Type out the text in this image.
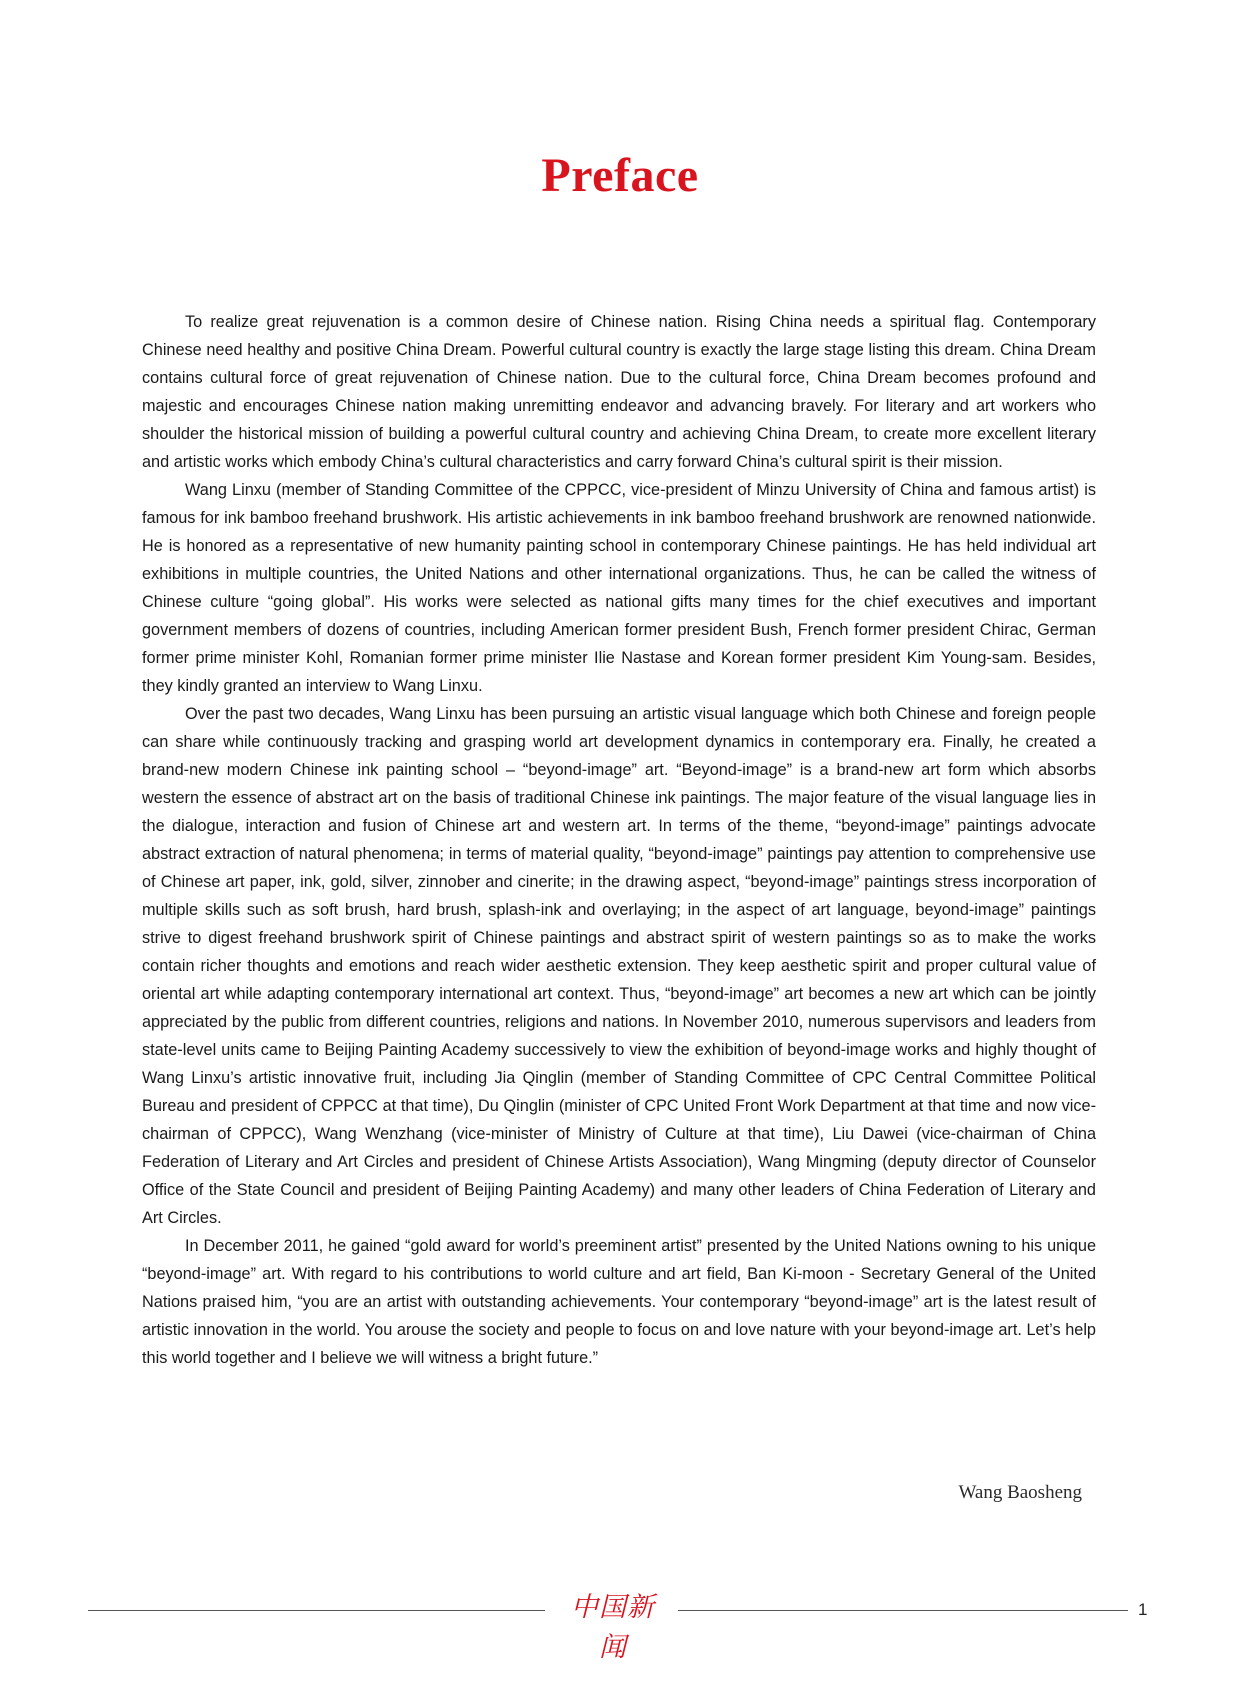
Preface

To realize great rejuvenation is a common desire of Chinese nation. Rising China needs a spiritual flag. Contemporary Chinese need healthy and positive China Dream. Powerful cultural country is exactly the large stage listing this dream. China Dream contains cultural force of great rejuvenation of Chinese nation. Due to the cultural force, China Dream becomes profound and majestic and encourages Chinese nation making unremitting endeavor and advancing bravely. For literary and art workers who shoulder the historical mission of building a powerful cultural country and achieving China Dream, to create more excellent literary and artistic works which embody China’s cultural characteristics and carry forward China’s cultural spirit is their mission.

Wang Linxu (member of Standing Committee of the CPPCC, vice-president of Minzu University of China and famous artist) is famous for ink bamboo freehand brushwork. His artistic achievements in ink bamboo freehand brushwork are renowned nationwide. He is honored as a representative of new humanity painting school in contemporary Chinese paintings. He has held individual art exhibitions in multiple countries, the United Nations and other international organizations. Thus, he can be called the witness of Chinese culture “going global”. His works were selected as national gifts many times for the chief executives and important government members of dozens of countries, including American former president Bush, French former president Chirac, German former prime minister Kohl, Romanian former prime minister Ilie Nastase and Korean former president Kim Young-sam. Besides, they kindly granted an interview to Wang Linxu.

Over the past two decades, Wang Linxu has been pursuing an artistic visual language which both Chinese and foreign people can share while continuously tracking and grasping world art development dynamics in contemporary era. Finally, he created a brand-new modern Chinese ink painting school – “beyond-image” art. “Beyond-image” is a brand-new art form which absorbs western the essence of abstract art on the basis of traditional Chinese ink paintings. The major feature of the visual language lies in the dialogue, interaction and fusion of Chinese art and western art. In terms of the theme, “beyond-image” paintings advocate abstract extraction of natural phenomena; in terms of material quality, “beyond-image” paintings pay attention to comprehensive use of Chinese art paper, ink, gold, silver, zinnober and cinerite; in the drawing aspect, “beyond-image” paintings stress incorporation of multiple skills such as soft brush, hard brush, splash-ink and overlaying; in the aspect of art language, beyond-image” paintings strive to digest freehand brushwork spirit of Chinese paintings and abstract spirit of western paintings so as to make the works contain richer thoughts and emotions and reach wider aesthetic extension. They keep aesthetic spirit and proper cultural value of oriental art while adapting contemporary international art context. Thus, “beyond-image” art becomes a new art which can be jointly appreciated by the public from different countries, religions and nations. In November 2010, numerous supervisors and leaders from state-level units came to Beijing Painting Academy successively to view the exhibition of beyond-image works and highly thought of Wang Linxu’s artistic innovative fruit, including Jia Qinglin (member of Standing Committee of CPC Central Committee Political Bureau and president of CPPCC at that time), Du Qinglin (minister of CPC United Front Work Department at that time and now vice-chairman of CPPCC), Wang Wenzhang (vice-minister of Ministry of Culture at that time), Liu Dawei (vice-chairman of China Federation of Literary and Art Circles and president of Chinese Artists Association), Wang Mingming (deputy director of Counselor Office of the State Council and president of Beijing Painting Academy) and many other leaders of China Federation of Literary and Art Circles.

In December 2011, he gained “gold award for world’s preeminent artist” presented by the United Nations owning to his unique “beyond-image” art. With regard to his contributions to world culture and art field, Ban Ki-moon - Secretary General of the United Nations praised him, “you are an artist with outstanding achievements. Your contemporary “beyond-image” art is the latest result of artistic innovation in the world. You arouse the society and people to focus on and love nature with your beyond-image art. Let’s help this world together and I believe we will witness a bright future.”

Wang Baosheng

中国新闻
1
